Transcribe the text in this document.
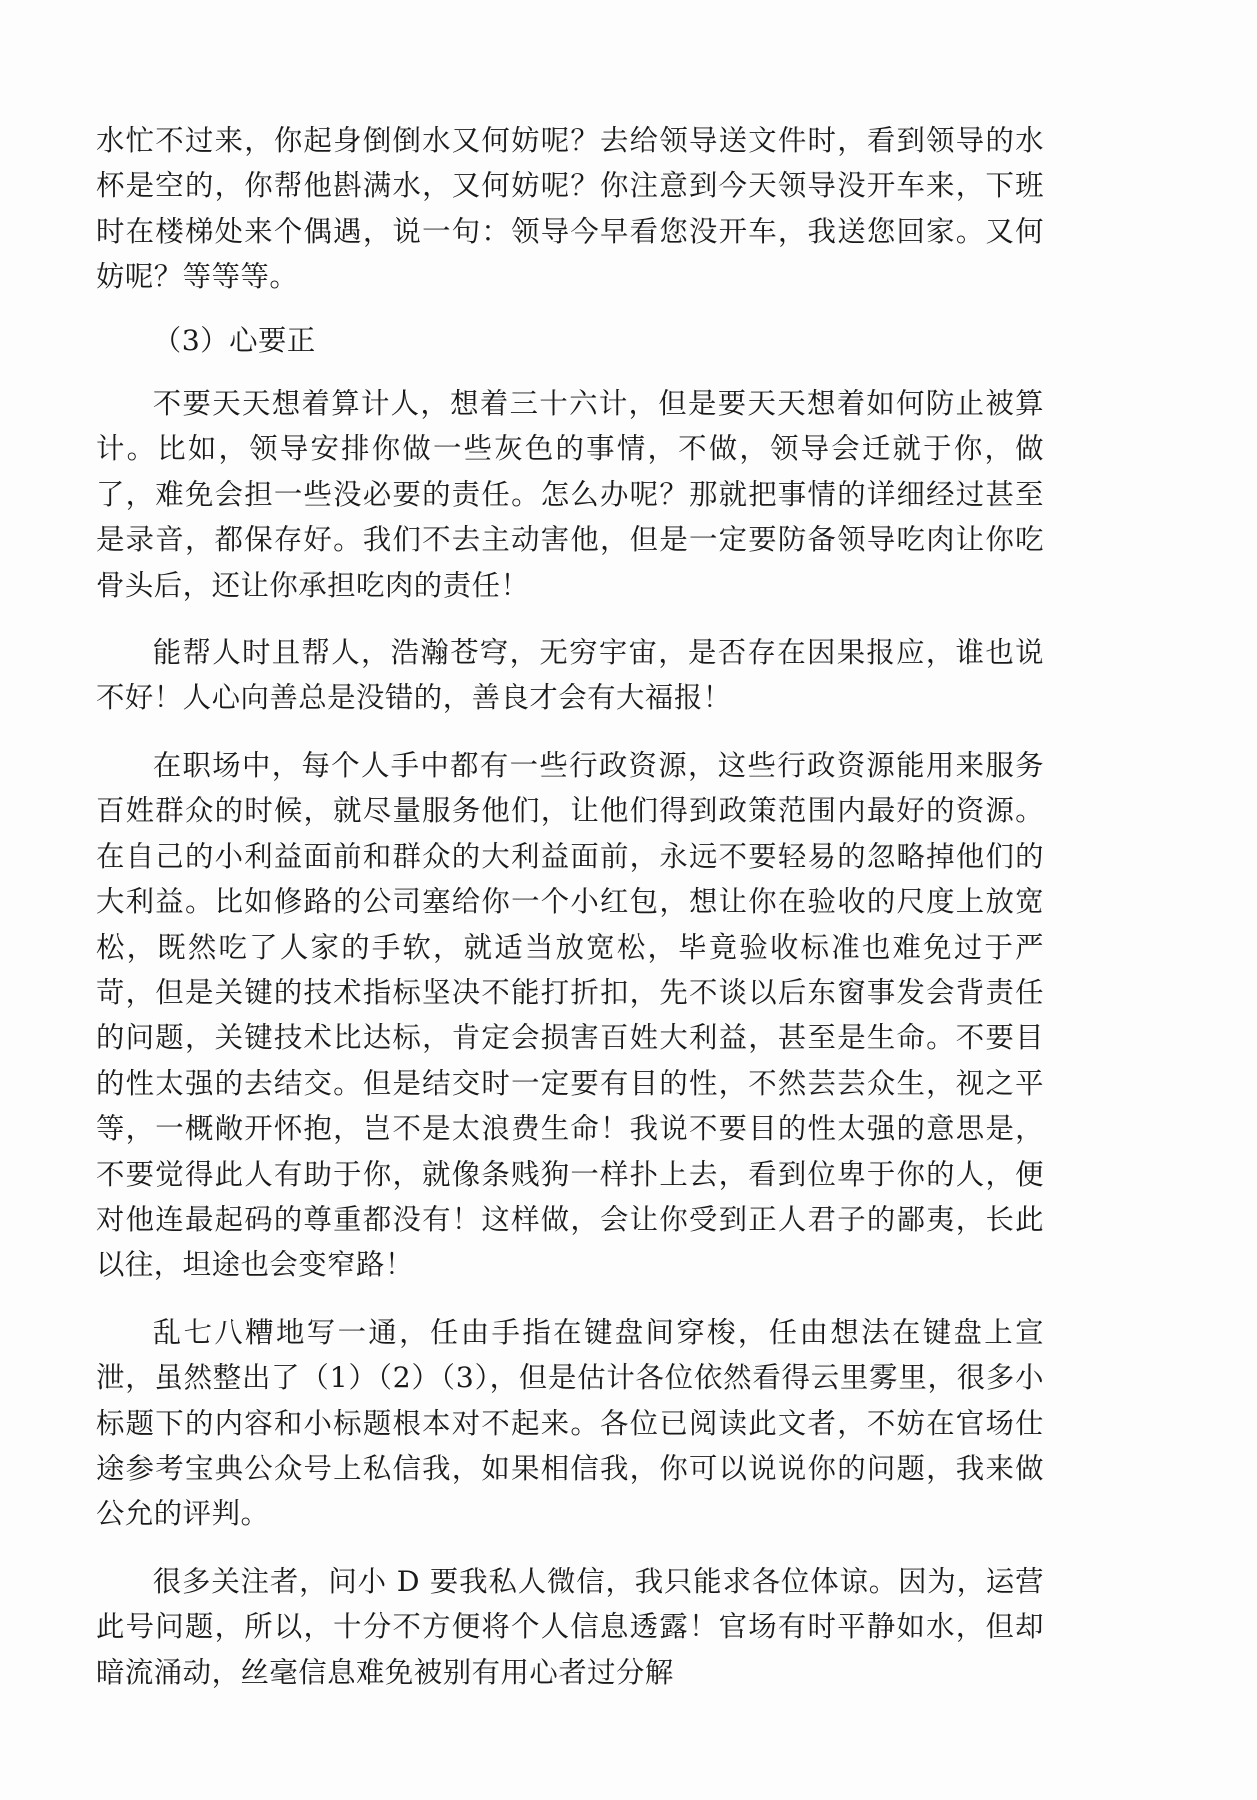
水忙不过来，你起身倒倒水又何妨呢？去给领导送文件时，看到领导的水杯是空的，你帮他斟满水，又何妨呢？你注意到今天领导没开车来，下班时在楼梯处来个偶遇，说一句：领导今早看您没开车，我送您回家。又何妨呢？等等等。

（3）心要正

不要天天想着算计人，想着三十六计，但是要天天想着如何防止被算计。比如，领导安排你做一些灰色的事情，不做，领导会迁就于你，做了，难免会担一些没必要的责任。怎么办呢？那就把事情的详细经过甚至是录音，都保存好。我们不去主动害他，但是一定要防备领导吃肉让你吃骨头后，还让你承担吃肉的责任！

能帮人时且帮人，浩瀚苍穹，无穷宇宙，是否存在因果报应，谁也说不好！人心向善总是没错的，善良才会有大福报！

在职场中，每个人手中都有一些行政资源，这些行政资源能用来服务百姓群众的时候，就尽量服务他们，让他们得到政策范围内最好的资源。在自己的小利益面前和群众的大利益面前，永远不要轻易的忽略掉他们的大利益。比如修路的公司塞给你一个小红包，想让你在验收的尺度上放宽松，既然吃了人家的手软，就适当放宽松，毕竟验收标准也难免过于严苛，但是关键的技术指标坚决不能打折扣，先不谈以后东窗事发会背责任的问题，关键技术比达标，肯定会损害百姓大利益，甚至是生命。不要目的性太强的去结交。但是结交时一定要有目的性，不然芸芸众生，视之平等，一概敞开怀抱，岂不是太浪费生命！我说不要目的性太强的意思是，不要觉得此人有助于你，就像条贱狗一样扑上去，看到位卑于你的人，便对他连最起码的尊重都没有！这样做，会让你受到正人君子的鄙夷，长此以往，坦途也会变窄路！

乱七八糟地写一通，任由手指在键盘间穿梭，任由想法在键盘上宣泄，虽然整出了（1）（2）（3），但是估计各位依然看得云里雾里，很多小标题下的内容和小标题根本对不起来。各位已阅读此文者，不妨在官场仕途参考宝典公众号上私信我，如果相信我，你可以说说你的问题，我来做公允的评判。

很多关注者，问小 D 要我私人微信，我只能求各位体谅。因为，运营此号问题，所以，十分不方便将个人信息透露！官场有时平静如水，但却暗流涌动，丝毫信息难免被别有用心者过分解
